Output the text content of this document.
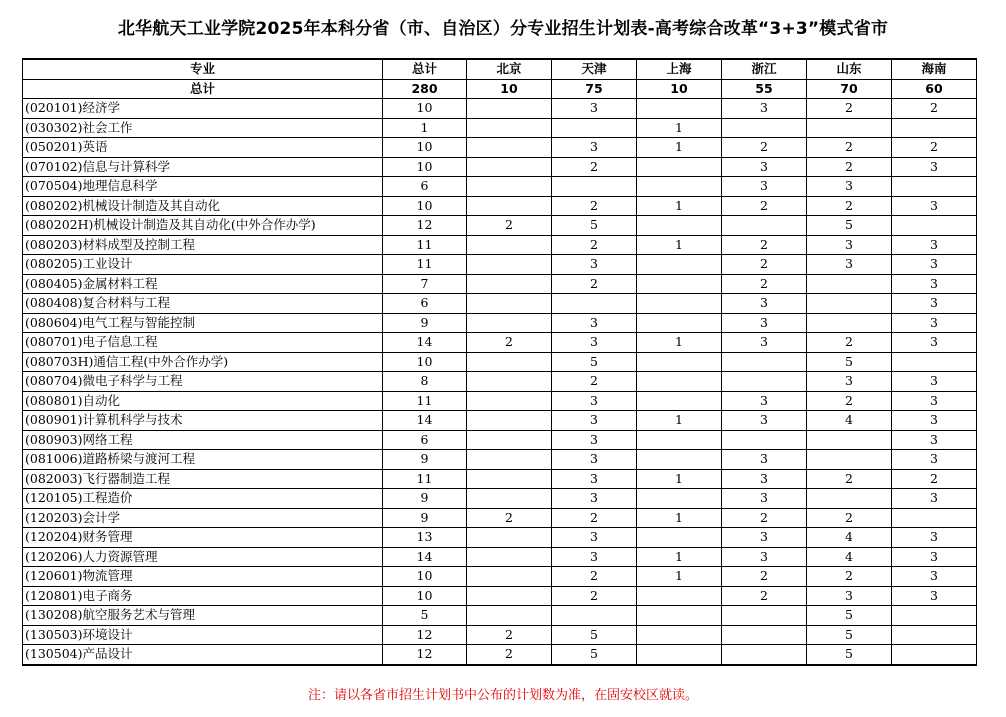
北华航天工业学院2025年本科分省（市、自治区）分专业招生计划表-高考综合改革“3+3”模式省市
专业	总计	北京	天津	上海	浙江	山东	海南
总计	280	10	75	10	55	70	60
(020101)经济学	10		3		3	2	2
(030302)社会工作	1			1			
(050201)英语	10		3	1	2	2	2
(070102)信息与计算科学	10		2		3	2	3
(070504)地理信息科学	6				3	3	
(080202)机械设计制造及其自动化	10		2	1	2	2	3
(080202H)机械设计制造及其自动化(中外合作办学)	12	2	5			5	
(080203)材料成型及控制工程	11		2	1	2	3	3
(080205)工业设计	11		3		2	3	3
(080405)金属材料工程	7		2		2		3
(080408)复合材料与工程	6				3		3
(080604)电气工程与智能控制	9		3		3		3
(080701)电子信息工程	14	2	3	1	3	2	3
(080703H)通信工程(中外合作办学)	10		5			5	
(080704)微电子科学与工程	8		2			3	3
(080801)自动化	11		3		3	2	3
(080901)计算机科学与技术	14		3	1	3	4	3
(080903)网络工程	6		3				3
(081006)道路桥梁与渡河工程	9		3		3		3
(082003)飞行器制造工程	11		3	1	3	2	2
(120105)工程造价	9		3		3		3
(120203)会计学	9	2	2	1	2	2	
(120204)财务管理	13		3		3	4	3
(120206)人力资源管理	14		3	1	3	4	3
(120601)物流管理	10		2	1	2	2	3
(120801)电子商务	10		2		2	3	3
(130208)航空服务艺术与管理	5					5	
(130503)环境设计	12	2	5			5	
(130504)产品设计	12	2	5			5	
注：请以各省市招生计划书中公布的计划数为准，在固安校区就读。
